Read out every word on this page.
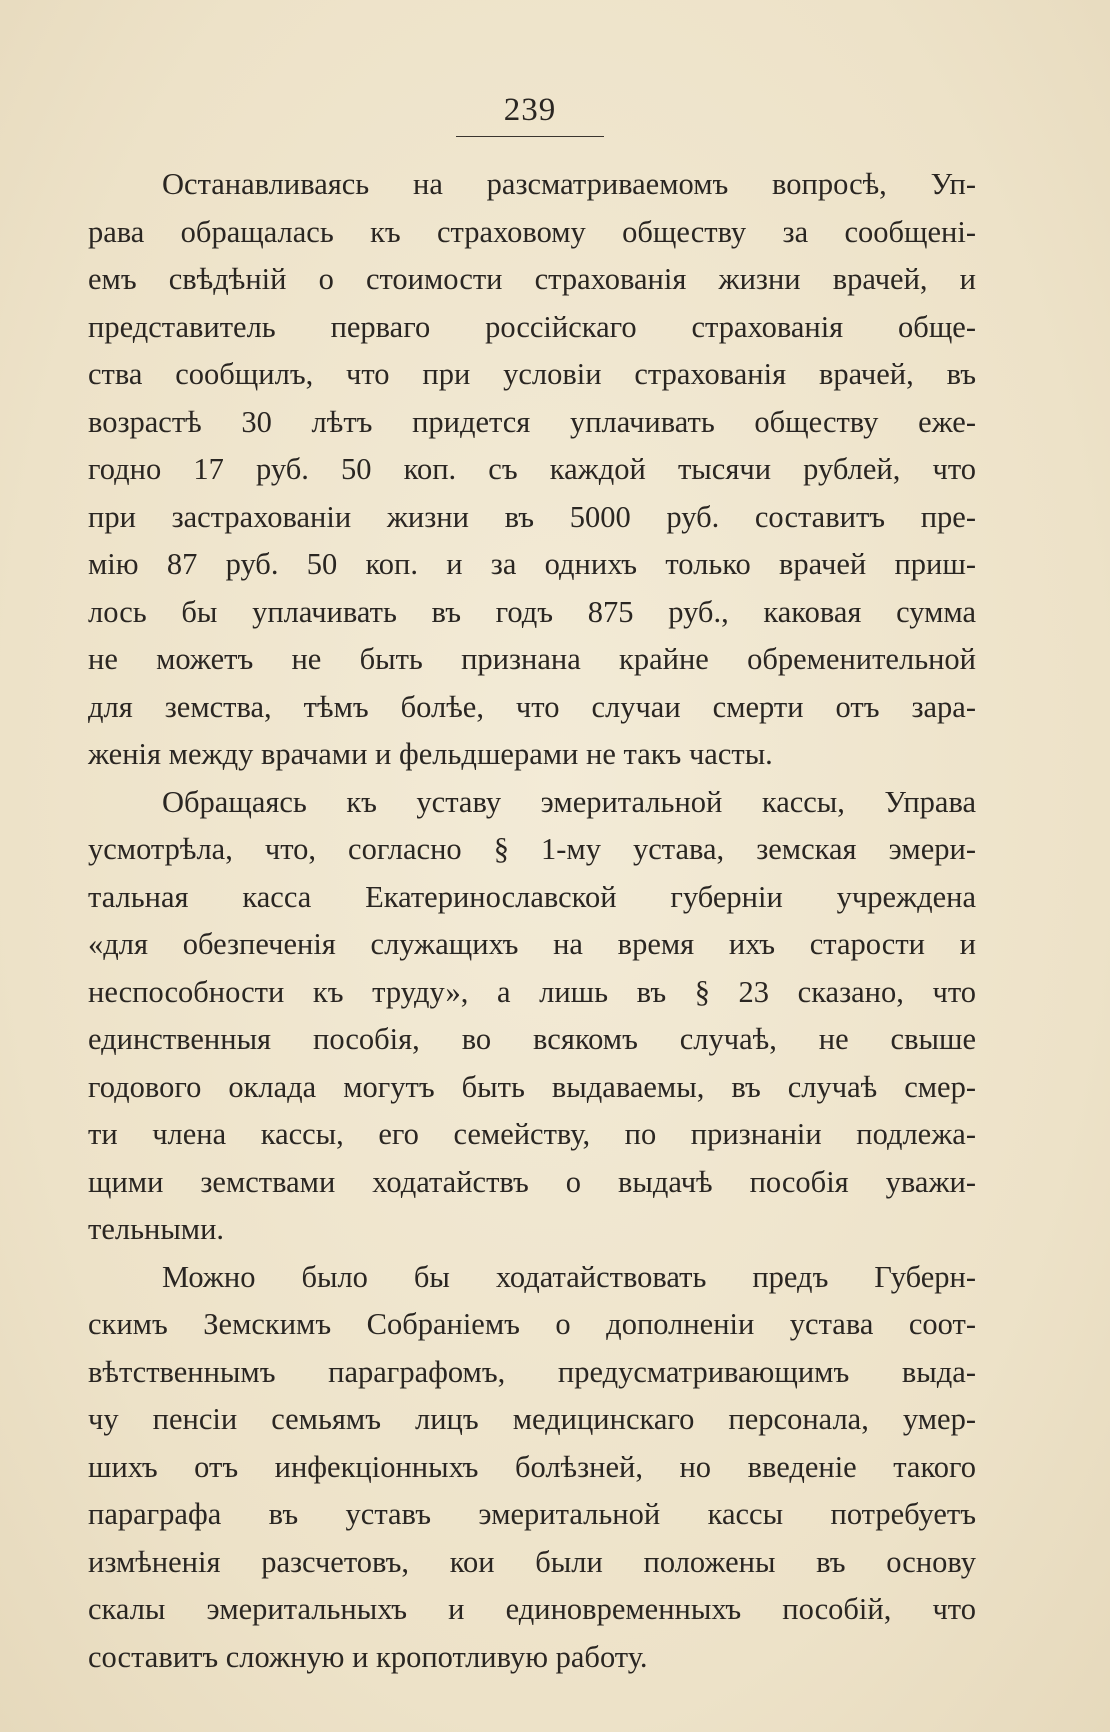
239
Останавливаясь на разсматриваемомъ вопросѣ, Уп-
рава обращалась къ страховому обществу за сообщені-
емъ свѣдѣній о стоимости страхованія жизни врачей, и
представитель перваго россійскаго страхованія обще-
ства сообщилъ, что при условіи страхованія врачей, въ
возрастѣ 30 лѣтъ придется уплачивать обществу еже-
годно 17 руб. 50 коп. съ каждой тысячи рублей, что
при застрахованіи жизни въ 5000 руб. составитъ пре-
мію 87 руб. 50 коп. и за однихъ только врачей приш-
лось бы уплачивать въ годъ 875 руб., каковая сумма
не можетъ не быть признана крайне обременительной
для земства, тѣмъ болѣе, что случаи смерти отъ зара-
женія между врачами и фельдшерами не такъ часты.
Обращаясь къ уставу эмеритальной кассы, Управа
усмотрѣла, что, согласно § 1-му устава, земская эмери-
тальная касса Екатеринославской губерніи учреждена
«для обезпеченія служащихъ на время ихъ старости и
неспособности къ труду», а лишь въ § 23 сказано, что
единственныя пособія, во всякомъ случаѣ, не свыше
годового оклада могутъ быть выдаваемы, въ случаѣ смер-
ти члена кассы, его семейству, по признаніи подлежа-
щими земствами ходатайствъ о выдачѣ пособія уважи-
тельными.
Можно было бы ходатайствовать предъ Губерн-
скимъ Земскимъ Собраніемъ о дополненіи устава соот-
вѣтственнымъ параграфомъ, предусматривающимъ выда-
чу пенсіи семьямъ лицъ медицинскаго персонала, умер-
шихъ отъ инфекціонныхъ болѣзней, но введеніе такого
параграфа въ уставъ эмеритальной кассы потребуетъ
измѣненія разсчетовъ, кои были положены въ основу
скалы эмеритальныхъ и единовременныхъ пособій, что
составитъ сложную и кропотливую работу.
